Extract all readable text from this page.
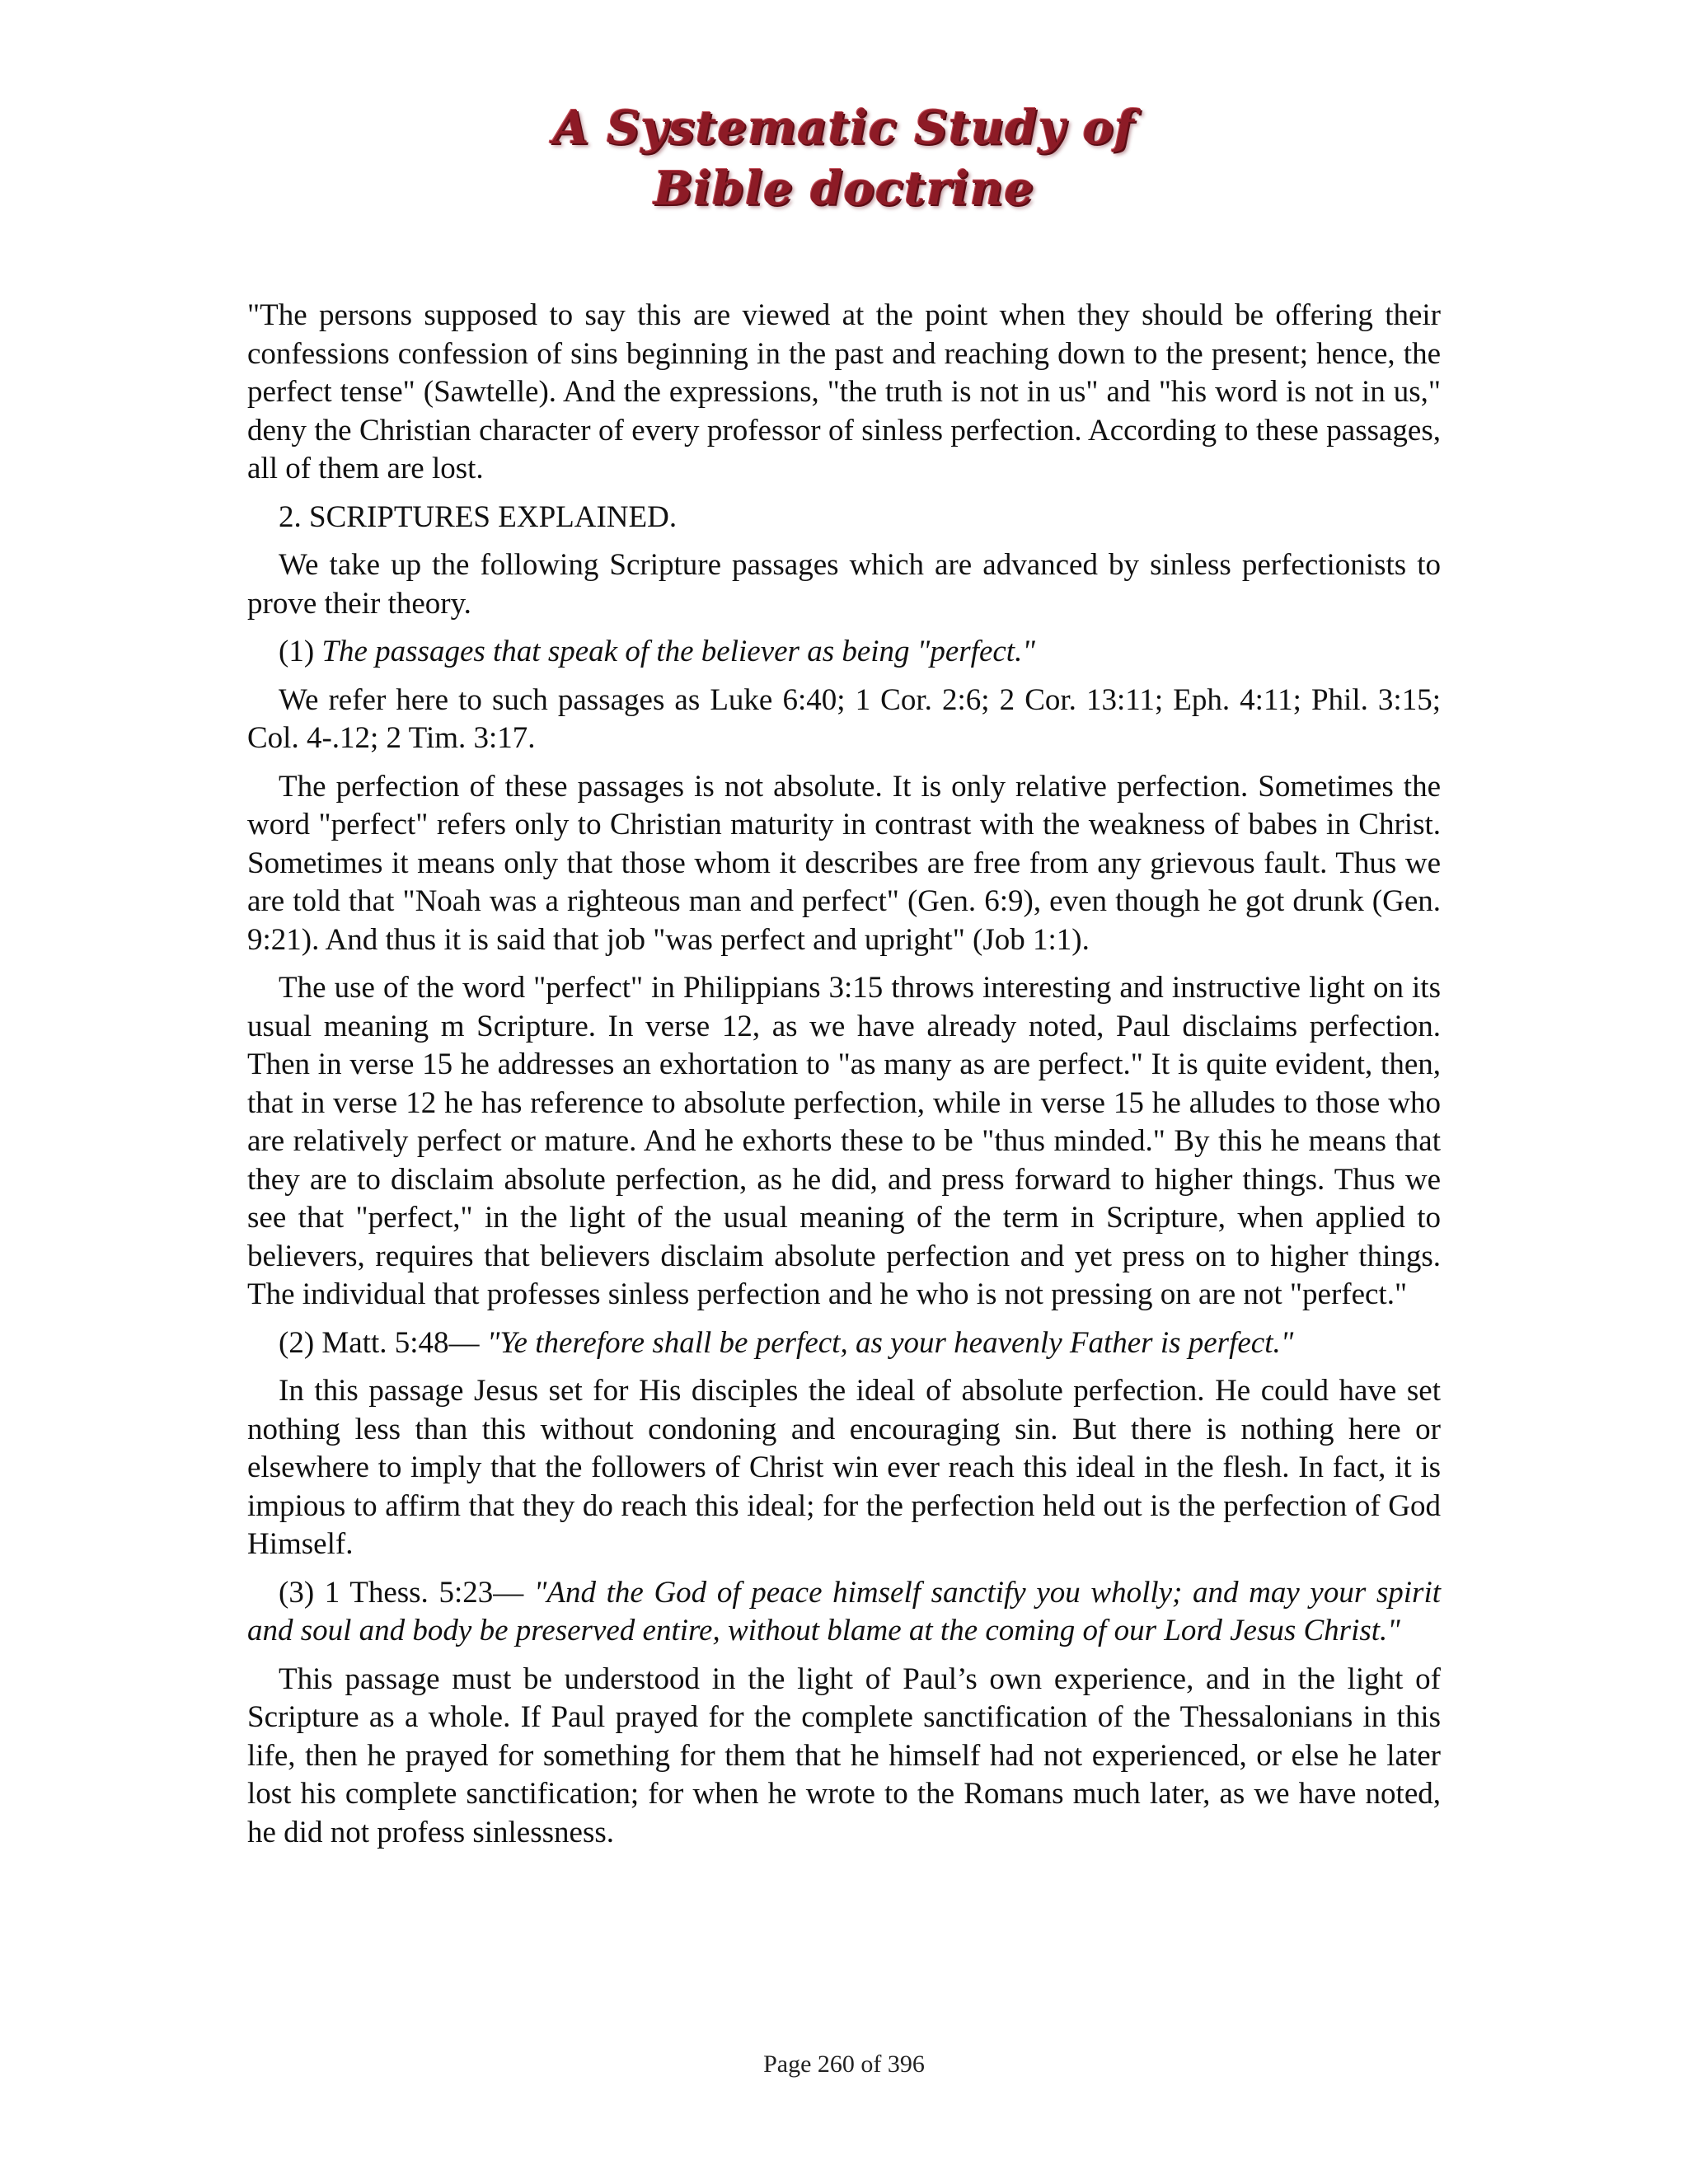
A Systematic Study of
Bible doctrine

"The persons supposed to say this are viewed at the point when they should be offering their confessions confession of sins beginning in the past and reaching down to the present; hence, the perfect tense" (Sawtelle). And the expressions, "the truth is not in us" and "his word is not in us," deny the Christian character of every professor of sinless perfection. According to these passages, all of them are lost.

2. SCRIPTURES EXPLAINED.

We take up the following Scripture passages which are advanced by sinless perfectionists to prove their theory.

(1) The passages that speak of the believer as being "perfect."

We refer here to such passages as Luke 6:40; 1 Cor. 2:6; 2 Cor. 13:11; Eph. 4:11; Phil. 3:15; Col. 4-.12; 2 Tim. 3:17.

The perfection of these passages is not absolute. It is only relative perfection. Sometimes the word "perfect" refers only to Christian maturity in contrast with the weakness of babes in Christ. Sometimes it means only that those whom it describes are free from any grievous fault. Thus we are told that "Noah was a righteous man and perfect" (Gen. 6:9), even though he got drunk (Gen. 9:21). And thus it is said that job "was perfect and upright" (Job 1:1).

The use of the word "perfect" in Philippians 3:15 throws interesting and instructive light on its usual meaning m Scripture. In verse 12, as we have already noted, Paul disclaims perfection. Then in verse 15 he addresses an exhortation to "as many as are perfect." It is quite evident, then, that in verse 12 he has reference to absolute perfection, while in verse 15 he alludes to those who are relatively perfect or mature. And he exhorts these to be "thus minded." By this he means that they are to disclaim absolute perfection, as he did, and press forward to higher things. Thus we see that "perfect," in the light of the usual meaning of the term in Scripture, when applied to believers, requires that believers disclaim absolute perfection and yet press on to higher things. The individual that professes sinless perfection and he who is not pressing on are not "perfect."

(2) Matt. 5:48— "Ye therefore shall be perfect, as your heavenly Father is perfect."

In this passage Jesus set for His disciples the ideal of absolute perfection. He could have set nothing less than this without condoning and encouraging sin. But there is nothing here or elsewhere to imply that the followers of Christ win ever reach this ideal in the flesh. In fact, it is impious to affirm that they do reach this ideal; for the perfection held out is the perfection of God Himself.

(3) 1 Thess. 5:23— "And the God of peace himself sanctify you wholly; and may your spirit and soul and body be preserved entire, without blame at the coming of our Lord Jesus Christ."

This passage must be understood in the light of Paul’s own experience, and in the light of Scripture as a whole. If Paul prayed for the complete sanctification of the Thessalonians in this life, then he prayed for something for them that he himself had not experienced, or else he later lost his complete sanctification; for when he wrote to the Romans much later, as we have noted, he did not profess sinlessness.

Page 260 of 396
